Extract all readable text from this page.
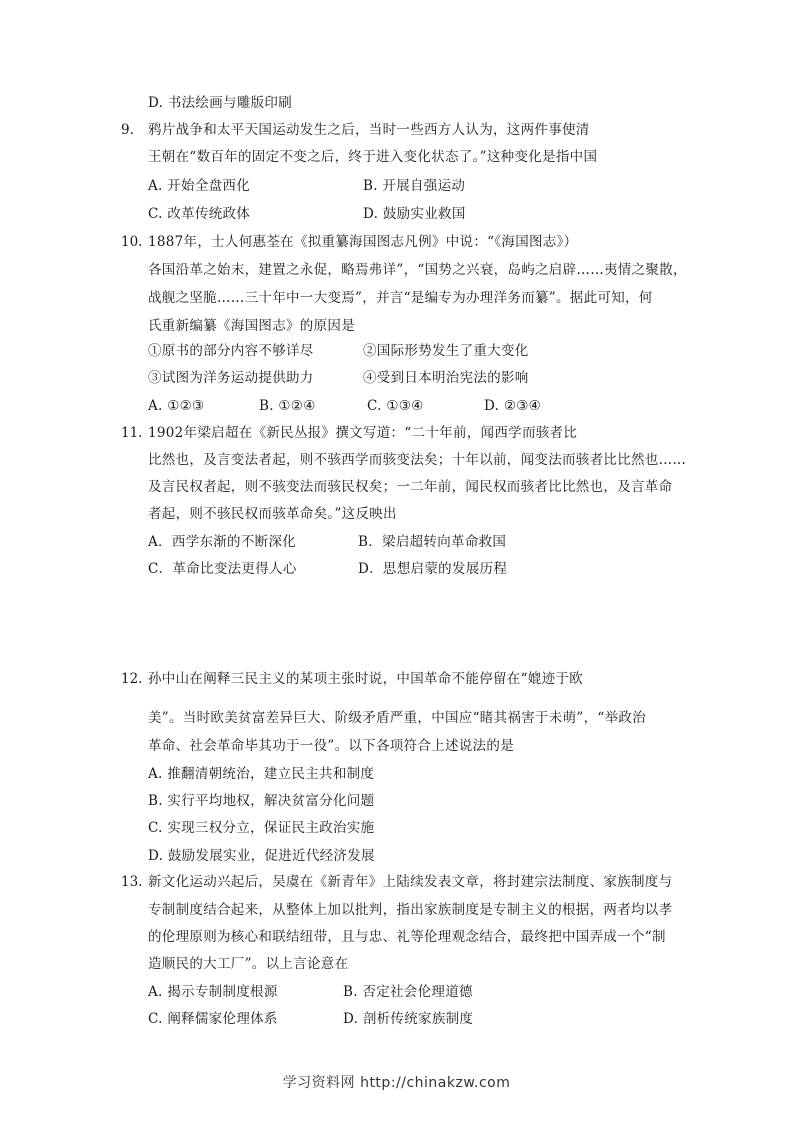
D. 书法绘画与雕版印刷
9. 鸦片战争和太平天国运动发生之后，当时一些西方人认为，这两件事使清
王朝在“数百年的固定不变之后，终于进入变化状态了。”这种变化是指中国
A. 开始全盘西化	B. 开展自强运动
C. 改革传统政体	D. 鼓励实业救国
10. 1887年，士人何惠荃在《拟重纂海国图志凡例》中说：“《海国图志》）
各国沿革之始末，建置之永促，略焉弗详”，“国势之兴衰，岛屿之启辟……夷情之聚散，
战舰之坚脆……三十年中一大变焉”，并言“是编专为办理洋务而纂”。据此可知，何
氏重新编纂《海国图志》的原因是
①原书的部分内容不够详尽	②国际形势发生了重大变化
③试图为洋务运动提供助力	④受到日本明治宪法的影响
A. ①②③	B. ①②④	C. ①③④	D. ②③④
11. 1902年梁启超在《新民丛报》撰文写道：“二十年前，闻西学而骇者比
比然也，及言变法者起，则不骇西学而骇变法矣；十年以前，闻变法而骇者比比然也……
及言民权者起，则不骇变法而骇民权矣；一二年前，闻民权而骇者比比然也，及言革命
者起，则不骇民权而骇革命矣。”这反映出
A．西学东渐的不断深化	B．梁启超转向革命救国
C．革命比变法更得人心	D．思想启蒙的发展历程
12. 孙中山在阐释三民主义的某项主张时说，中国革命不能停留在“媲迹于欧
美”。当时欧美贫富差异巨大、阶级矛盾严重，中国应“睹其祸害于未萌”，“举政治
革命、社会革命毕其功于一役”。以下各项符合上述说法的是
A. 推翻清朝统治，建立民主共和制度
B. 实行平均地权，解决贫富分化问题
C. 实现三权分立，保证民主政治实施
D. 鼓励发展实业，促进近代经济发展
13. 新文化运动兴起后，吴虞在《新青年》上陆续发表文章，将封建宗法制度、家族制度与
专制制度结合起来，从整体上加以批判，指出家族制度是专制主义的根据，两者均以孝
的伦理原则为核心和联结纽带，且与忠、礼等伦理观念结合，最终把中国弄成一个“制
造顺民的大工厂”。以上言论意在
A. 揭示专制制度根源	B. 否定社会伦理道德
C. 阐释儒家伦理体系	D. 剖析传统家族制度
学习资料网 http://chinakzw.com
